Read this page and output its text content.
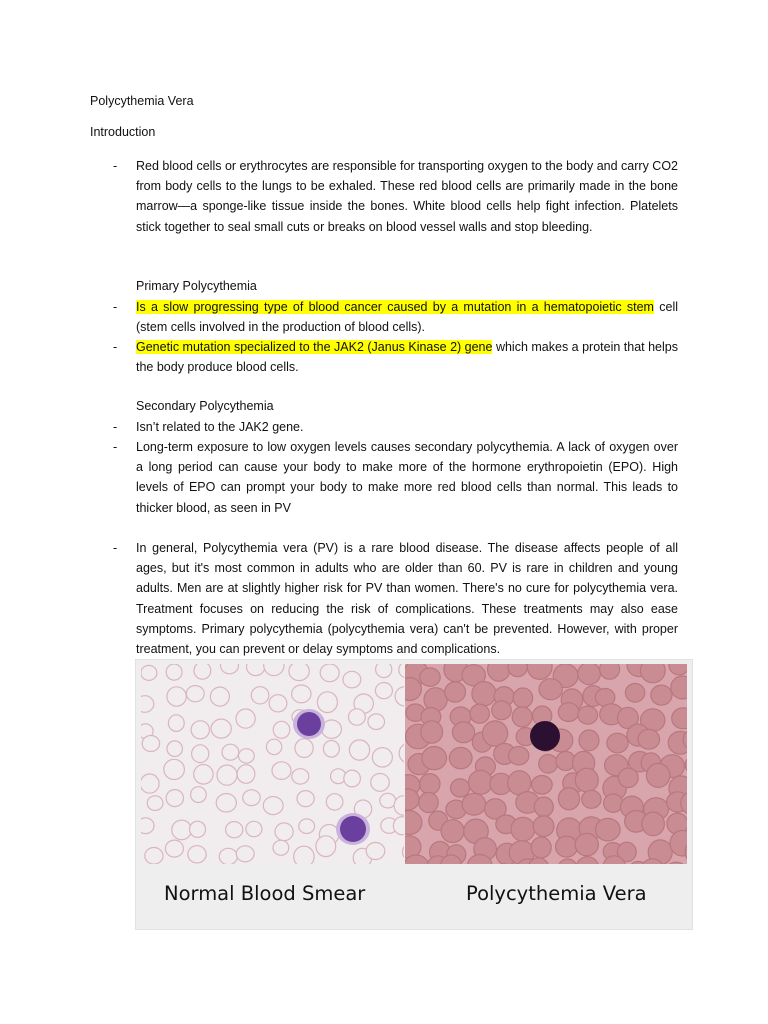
Polycythemia Vera
Introduction
- Red blood cells or erythrocytes are responsible for transporting oxygen to the body and carry CO2 from body cells to the lungs to be exhaled. These red blood cells are primarily made in the bone marrow—a sponge-like tissue inside the bones. White blood cells help fight infection. Platelets stick together to seal small cuts or breaks on blood vessel walls and stop bleeding.
Primary Polycythemia
- Is a slow progressing type of blood cancer caused by a mutation in a hematopoietic stem cell (stem cells involved in the production of blood cells).
- Genetic mutation specialized to the JAK2 (Janus Kinase 2) gene which makes a protein that helps the body produce blood cells.
Secondary Polycythemia
- Isn’t related to the JAK2 gene.
- Long-term exposure to low oxygen levels causes secondary polycythemia. A lack of oxygen over a long period can cause your body to make more of the hormone erythropoietin (EPO). High levels of EPO can prompt your body to make more red blood cells than normal. This leads to thicker blood, as seen in PV
- In general, Polycythemia vera (PV) is a rare blood disease. The disease affects people of all ages, but it's most common in adults who are older than 60. PV is rare in children and young adults. Men are at slightly higher risk for PV than women. There's no cure for polycythemia vera. Treatment focuses on reducing the risk of complications. These treatments may also ease symptoms. Primary polycythemia (polycythemia vera) can't be prevented. However, with proper treatment, you can prevent or delay symptoms and complications.
Normal Blood Smear	Polycythemia Vera
